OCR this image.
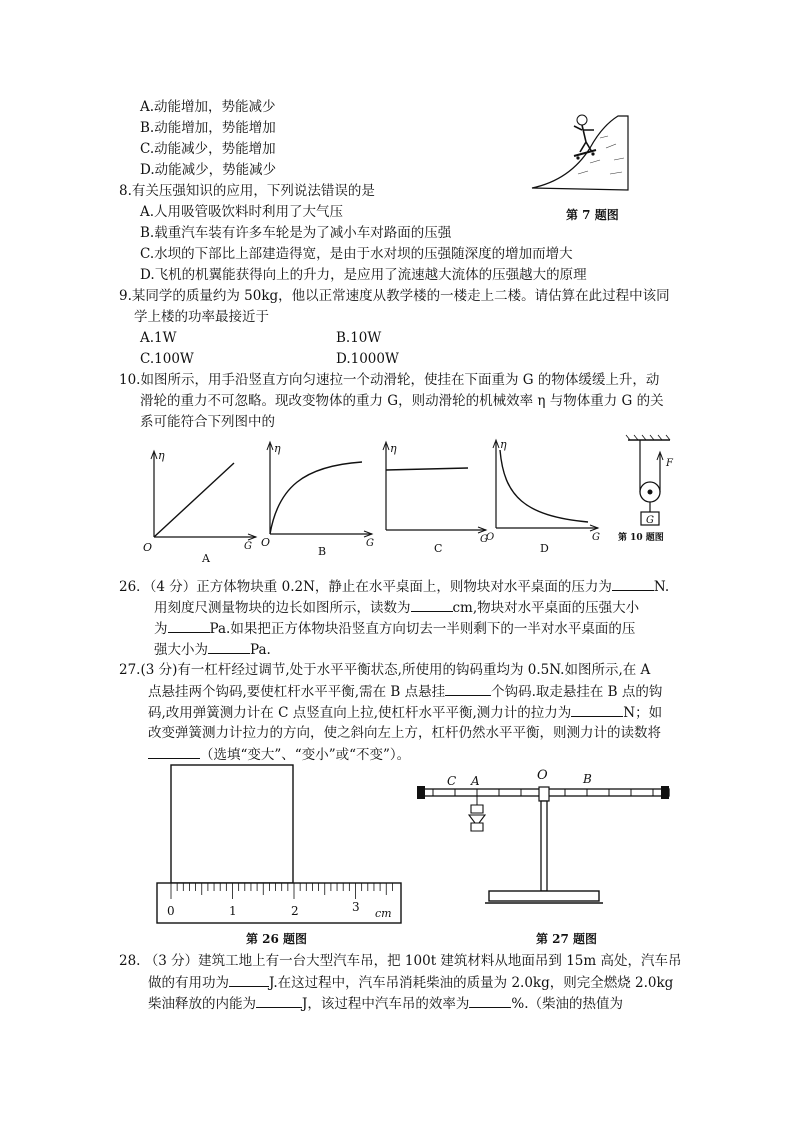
A.动能增加，势能减少
B.动能增加，势能增加
C.动能减少，势能增加
D.动能减少，势能减少
第 7 题图
8.有关压强知识的应用，下列说法错误的是
A.人用吸管吸饮料时利用了大气压
B.载重汽车装有许多车轮是为了减小车对路面的压强
C.水坝的下部比上部建造得宽，是由于水对坝的压强随深度的增加而增大
D.飞机的机翼能获得向上的升力，是应用了流速越大流体的压强越大的原理
9.某同学的质量约为 50kg，他以正常速度从教学楼的一楼走上二楼。请估算在此过程中该同
学上楼的功率最接近于
A.1W	B.10W
C.100W	D.1000W
10.如图所示，用手沿竖直方向匀速拉一个动滑轮，使挂在下面重为 G 的物体缓缓上升，动
滑轮的重力不可忽略。现改变物体的重力 G，则动滑轮的机械效率 η 与物体重力 G 的关
系可能符合下列图中的
η
O	G
A
η
O	G
B
η
G
C
η
O	G
D
F
G
第 10 题图
26．（4 分）正方体物块重 0.2N，静止在水平桌面上，则物块对水平桌面的压力为	N.
用刻度尺测量物块的边长如图所示，读数为	cm,物块对水平桌面的压强大小
为	Pa.如果把正方体物块沿竖直方向切去一半则剩下的一半对水平桌面的压
强大小为	Pa.
27.(3 分)有一杠杆经过调节,处于水平平衡状态,所使用的钩码重均为 0.5N.如图所示,在 A
点悬挂两个钩码,要使杠杆水平平衡,需在 B 点悬挂	个钩码.取走悬挂在 B 点的钩
码,改用弹簧测力计在 C 点竖直向上拉,使杠杆水平平衡,测力计的拉力为	N；如
改变弹簧测力计拉力的方向，使之斜向左上方，杠杆仍然水平平衡，则测力计的读数将
（选填“变大”、“变小”或“不变”）。
0	1	2	3 cm
第 26 题图
C A	O	B
第 27 题图
28. （3 分）建筑工地上有一台大型汽车吊，把 100t 建筑材料从地面吊到 15m 高处，汽车吊
做的有用功为	J.在这过程中，汽车吊消耗柴油的质量为 2.0kg，则完全燃烧 2.0kg
柴油释放的内能为	J，该过程中汽车吊的效率为	%.（柴油的热值为
